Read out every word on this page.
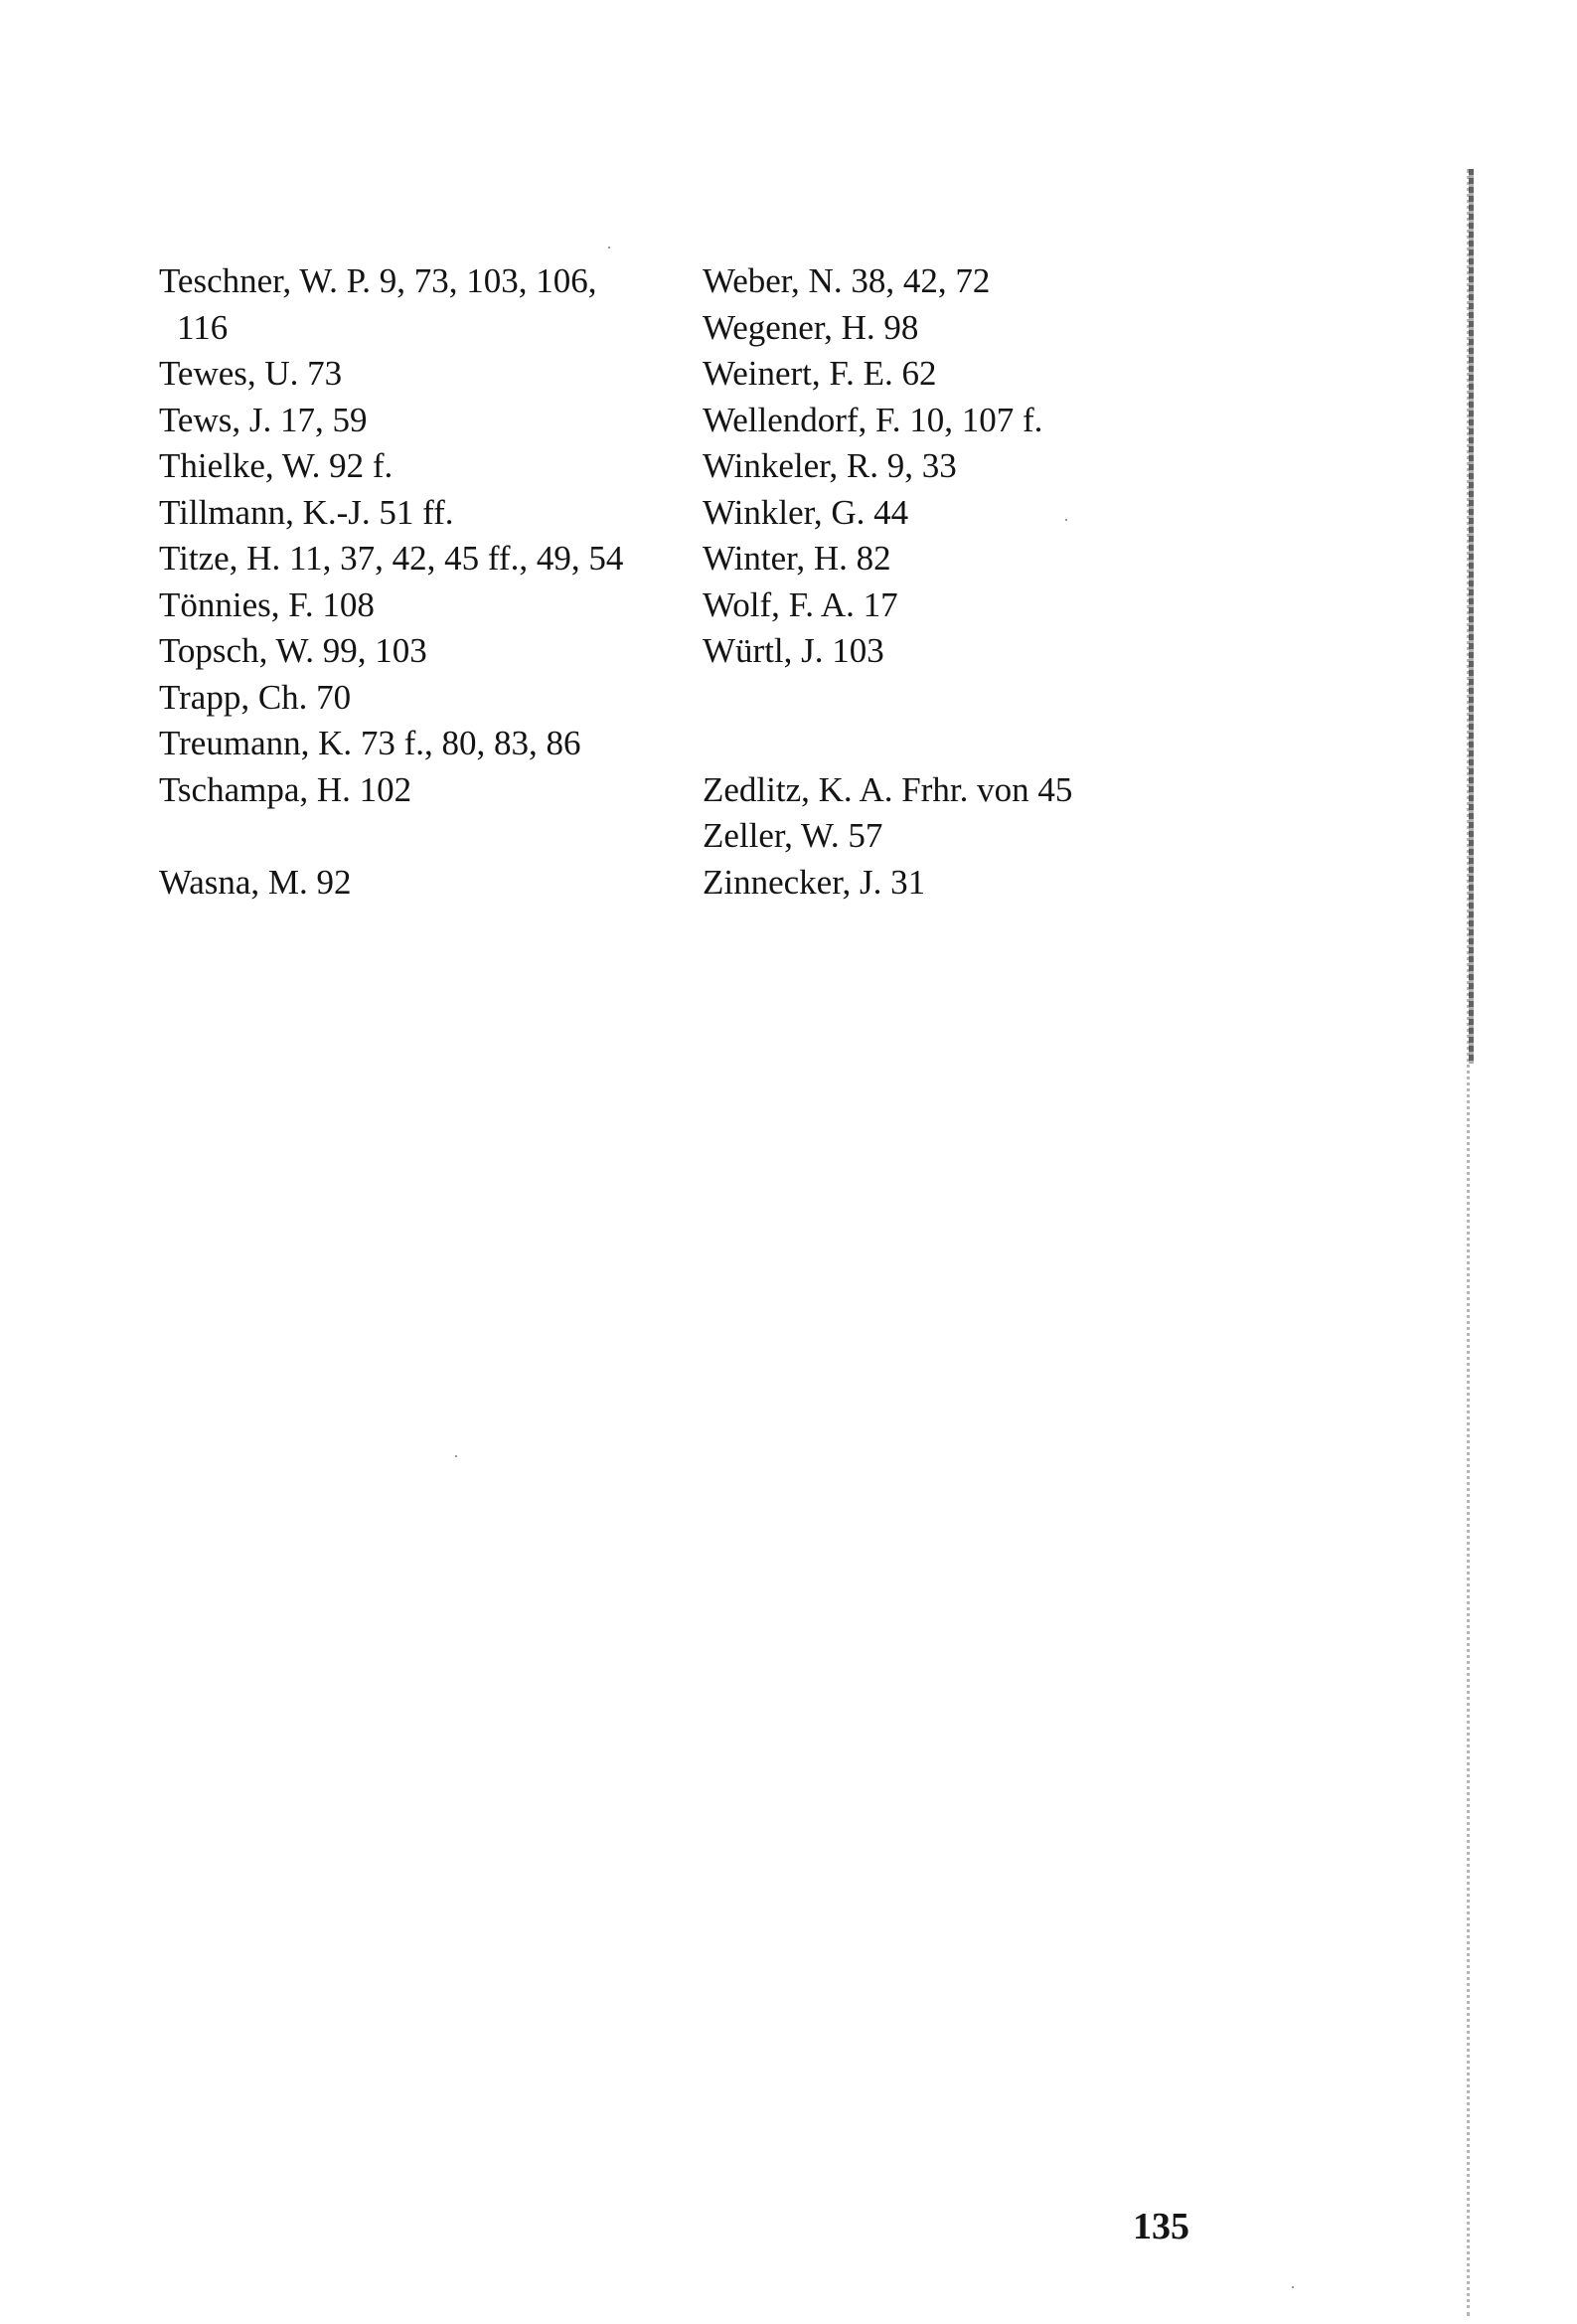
Teschner, W. P. 9, 73, 103, 106,
116
Tewes, U. 73
Tews, J. 17, 59
Thielke, W. 92 f.
Tillmann, K.-J. 51 ff.
Titze, H. 11, 37, 42, 45 ff., 49, 54
Tönnies, F. 108
Topsch, W. 99, 103
Trapp, Ch. 70
Treumann, K. 73 f., 80, 83, 86
Tschampa, H. 102
Wasna, M. 92
Weber, N. 38, 42, 72
Wegener, H. 98
Weinert, F. E. 62
Wellendorf, F. 10, 107 f.
Winkeler, R. 9, 33
Winkler, G. 44
Winter, H. 82
Wolf, F. A. 17
Würtl, J. 103
Zedlitz, K. A. Frhr. von 45
Zeller, W. 57
Zinnecker, J. 31
135
